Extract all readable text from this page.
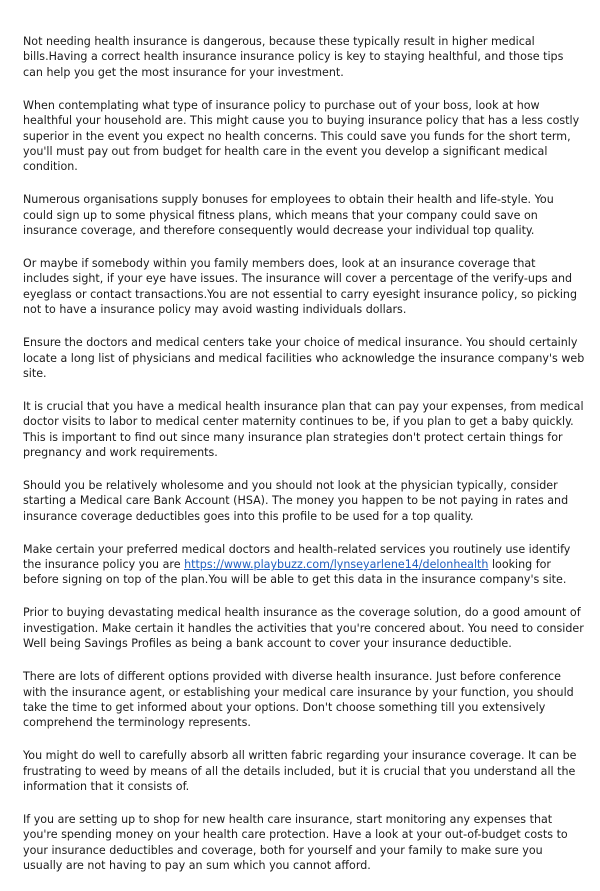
Not needing health insurance is dangerous, because these typically result in higher medical bills.Having a correct health insurance insurance policy is key to staying healthful, and those tips can help you get the most insurance for your investment.

When contemplating what type of insurance policy to purchase out of your boss, look at how healthful your household are. This might cause you to buying insurance policy that has a less costly superior in the event you expect no health concerns. This could save you funds for the short term, you'll must pay out from budget for health care in the event you develop a significant medical condition.

Numerous organisations supply bonuses for employees to obtain their health and life-style. You could sign up to some physical fitness plans, which means that your company could save on insurance coverage, and therefore consequently would decrease your individual top quality.

Or maybe if somebody within you family members does, look at an insurance coverage that includes sight, if your eye have issues. The insurance will cover a percentage of the verify-ups and eyeglass or contact transactions.You are not essential to carry eyesight insurance policy, so picking not to have a insurance policy may avoid wasting individuals dollars.

Ensure the doctors and medical centers take your choice of medical insurance. You should certainly locate a long list of physicians and medical facilities who acknowledge the insurance company's web site.

It is crucial that you have a medical health insurance plan that can pay your expenses, from medical doctor visits to labor to medical center maternity continues to be, if you plan to get a baby quickly. This is important to find out since many insurance plan strategies don't protect certain things for pregnancy and work requirements.

Should you be relatively wholesome and you should not look at the physician typically, consider starting a Medical care Bank Account (HSA). The money you happen to be not paying in rates and insurance coverage deductibles goes into this profile to be used for a top quality.

Make certain your preferred medical doctors and health-related services you routinely use identify the insurance policy you are https://www.playbuzz.com/lynseyarlene14/delonhealth looking for before signing on top of the plan.You will be able to get this data in the insurance company's site.

Prior to buying devastating medical health insurance as the coverage solution, do a good amount of investigation. Make certain it handles the activities that you're concered about. You need to consider Well being Savings Profiles as being a bank account to cover your insurance deductible.

There are lots of different options provided with diverse health insurance. Just before conference with the insurance agent, or establishing your medical care insurance by your function, you should take the time to get informed about your options. Don't choose something till you extensively comprehend the terminology represents.

You might do well to carefully absorb all written fabric regarding your insurance coverage. It can be frustrating to weed by means of all the details included, but it is crucial that you understand all the information that it consists of.

If you are setting up to shop for new health care insurance, start monitoring any expenses that you're spending money on your health care protection. Have a look at your out-of-budget costs to your insurance deductibles and coverage, both for yourself and your family to make sure you usually are not having to pay an sum which you cannot afford.
